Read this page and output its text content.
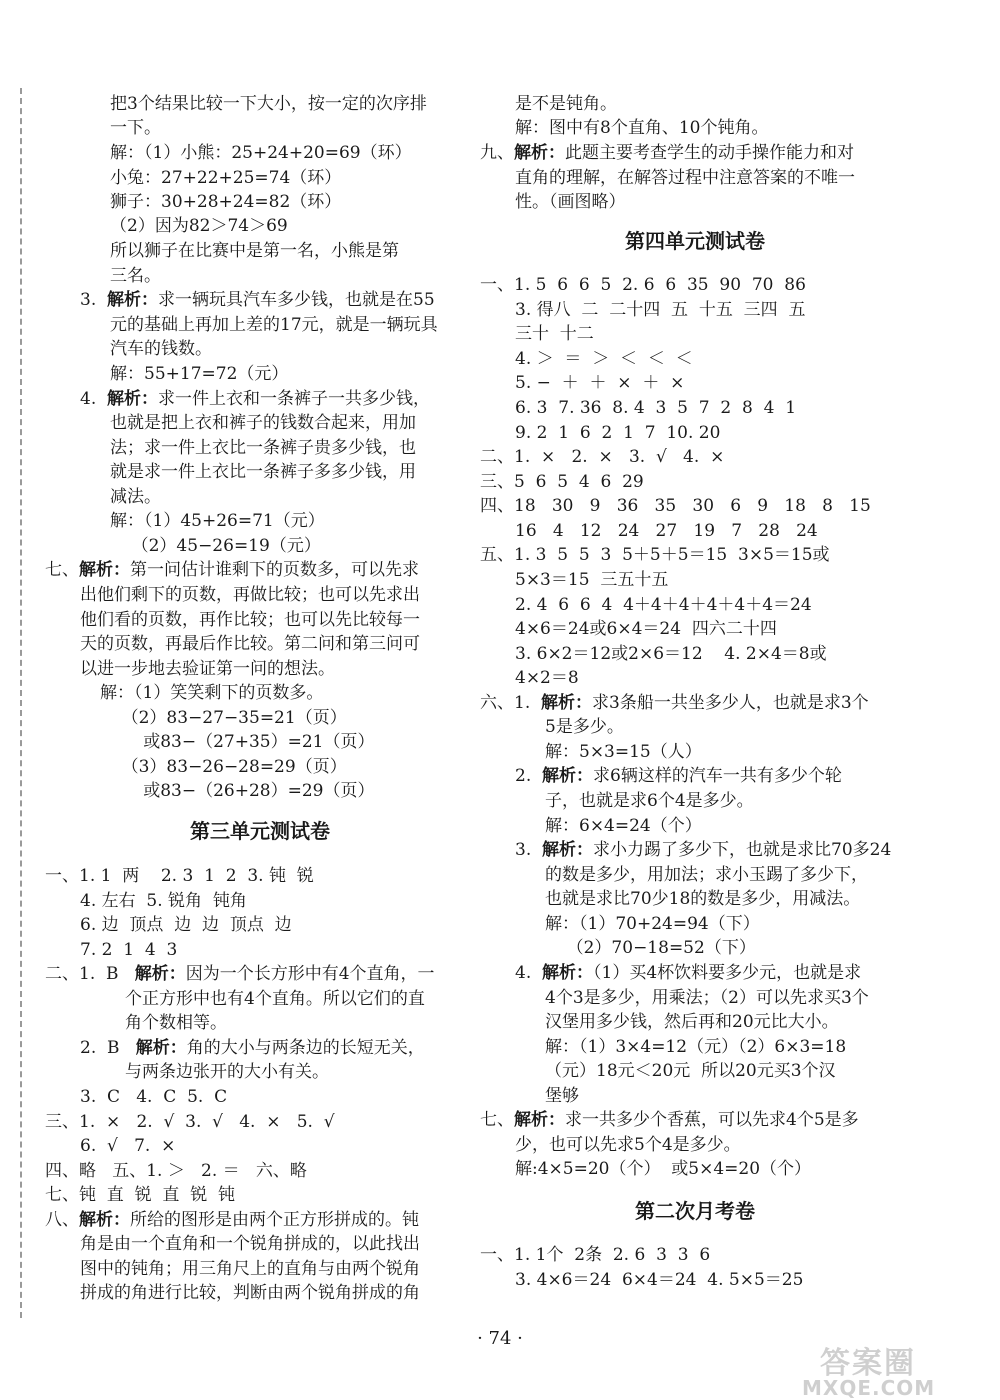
第三单元测试卷
把3个结果比较一下大小，按一定的次序排
一下。
解：（1）小熊：25+24+20=69（环）
小兔：27+22+25=74（环）
狮子：30+28+24=82（环）
（2）因为82＞74＞69
所以狮子在比赛中是第一名，小熊是第
三名。
3.  解析：求一辆玩具汽车多少钱，也就是在55
元的基础上再加上差的17元，就是一辆玩具
汽车的钱数。
解：55+17=72（元）
4.  解析：求一件上衣和一条裤子一共多少钱，
也就是把上衣和裤子的钱数合起来，用加
法；求一件上衣比一条裤子贵多少钱，也
就是求一件上衣比一条裤子多多少钱，用
减法。
解：（1）45+26=71（元）
（2）45−26=19（元）
七、解析：第一问估计谁剩下的页数多，可以先求
出他们剩下的页数，再做比较；也可以先求出
他们看的页数，再作比较；也可以先比较每一
天的页数，再最后作比较。第二问和第三问可
以进一步地去验证第一问的想法。
解：（1）笑笑剩下的页数多。
（2）83−27−35=21（页）
或83−（27+35）=21（页）
（3）83−26−28=29（页）
或83−（26+28）=29（页）
一、1. 1  两    2. 3  1  2  3. 钝  锐
4. 左右  5. 锐角  钝角
6. 边  顶点  边  边  顶点  边
7. 2  1  4  3
二、1.  B   解析：因为一个长方形中有4个直角，一
个正方形中也有4个直角。所以它们的直
角个数相等。
2.  B   解析：角的大小与两条边的长短无关，
与两条边张开的大小有关。
3.  C   4.  C  5.  C
三、1.  ×   2.  √  3.  √   4.  ×   5.  √
6.  √   7.  ×
四、略   五、1. ＞   2. ＝   六、略
七、钝  直  锐  直  锐  钝
八、解析：所给的图形是由两个正方形拼成的。钝
角是由一个直角和一个锐角拼成的，以此找出
图中的钝角；用三角尺上的直角与由两个锐角
拼成的角进行比较，判断由两个锐角拼成的角
第四单元测试卷
第二次月考卷
是不是钝角。
解：图中有8个直角、10个钝角。
九、解析：此题主要考查学生的动手操作能力和对
直角的理解，在解答过程中注意答案的不唯一
性。（画图略）
一、1. 5  6  6  5  2. 6  6  35  90  70  86
3. 得八  二  二十四  五  十五  三四  五
三十  十二
4. ＞  ＝  ＞  ＜  ＜  ＜
5. −  ＋  ＋  ×  ＋  ×
6. 3  7. 36  8. 4  3  5  7  2  8  4  1
9. 2  1  6  2  1  7  10. 20
二、1.  ×   2.  ×   3.  √   4.  ×
三、5  6  5  4  6  29
四、18   30   9   36   35   30   6   9   18   8   15
16   4   12   24   27   19   7   28   24
五、1. 3  5  5  3  5＋5＋5＝15  3×5＝15或
5×3＝15  三五十五
2. 4  6  6  4  4＋4＋4＋4＋4＋4＝24
4×6＝24或6×4＝24  四六二十四
3. 6×2＝12或2×6＝12    4. 2×4＝8或
4×2＝8
六、1.  解析：求3条船一共坐多少人，也就是求3个
5是多少。
解：5×3=15（人）
2.  解析：求6辆这样的汽车一共有多少个轮
子，也就是求6个4是多少。
解：6×4=24（个）
3.  解析：求小力踢了多少下，也就是求比70多24
的数是多少，用加法；求小玉踢了多少下，
也就是求比70少18的数是多少，用减法。
解：（1）70+24=94（下）
（2）70−18=52（下）
4.  解析：（1）买4杯饮料要多少元，也就是求
4个3是多少，用乘法；（2）可以先求买3个
汉堡用多少钱，然后再和20元比大小。
解：（1）3×4=12（元）（2）6×3=18
（元）18元＜20元  所以20元买3个汉
堡够
七、解析：求一共多少个香蕉，可以先求4个5是多
少，也可以先求5个4是多少。
解:4×5=20（个）  或5×4=20（个）
一、1. 1个  2条  2. 6  3  3  6
3. 4×6＝24  6×4＝24  4. 5×5＝25
· 74 ·
答案圈
MXQE.COM
